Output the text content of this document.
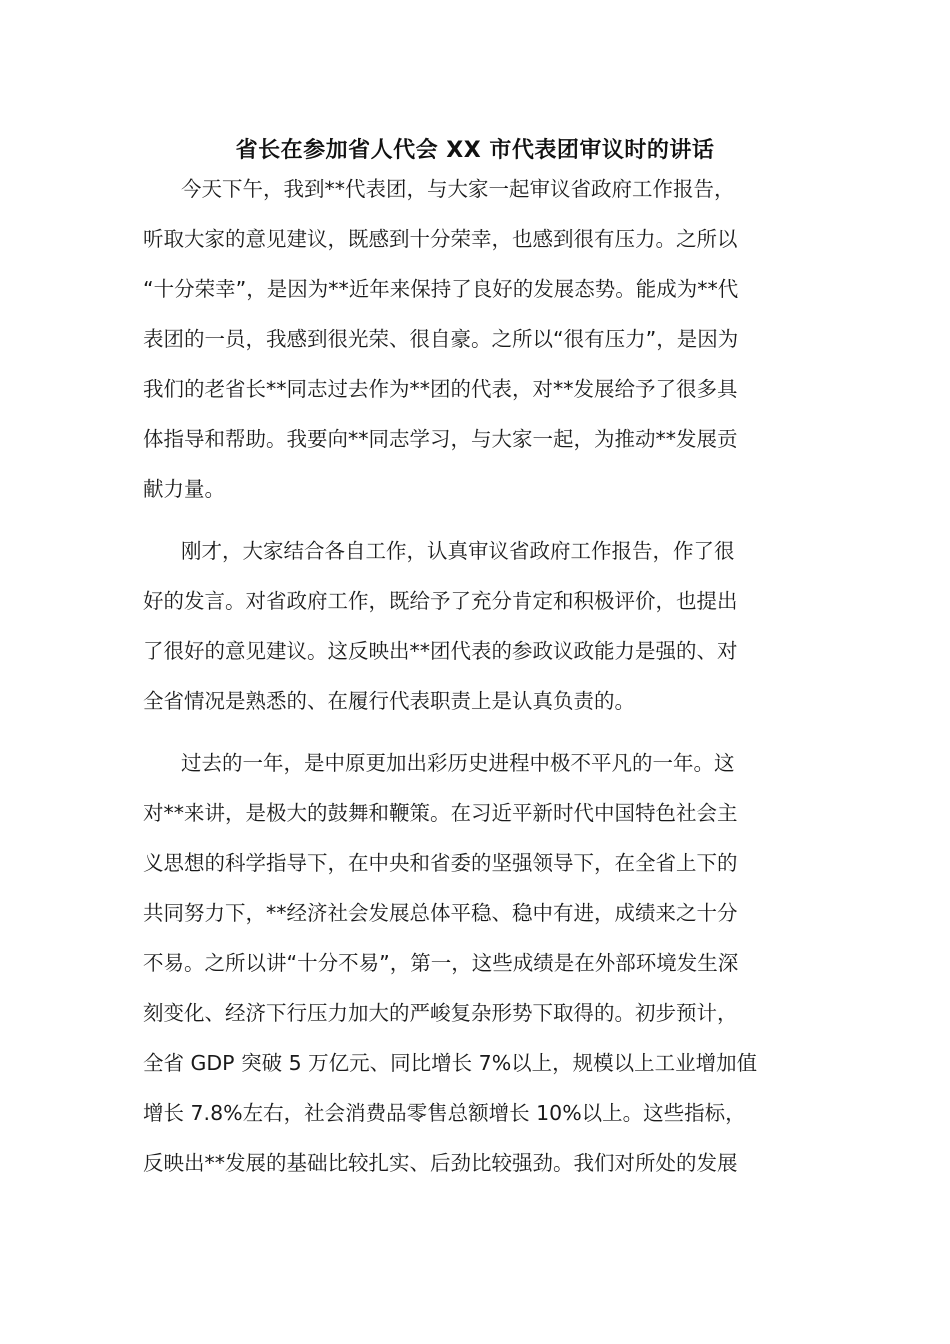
省长在参加省人代会 XX 市代表团审议时的讲话
今天下午，我到**代表团，与大家一起审议省政府工作报告，
听取大家的意见建议，既感到十分荣幸，也感到很有压力。之所以
“十分荣幸”，是因为**近年来保持了良好的发展态势。能成为**代
表团的一员，我感到很光荣、很自豪。之所以“很有压力”，是因为
我们的老省长**同志过去作为**团的代表，对**发展给予了很多具
体指导和帮助。我要向**同志学习，与大家一起，为推动**发展贡
献力量。
刚才，大家结合各自工作，认真审议省政府工作报告，作了很
好的发言。对省政府工作，既给予了充分肯定和积极评价，也提出
了很好的意见建议。这反映出**团代表的参政议政能力是强的、对
全省情况是熟悉的、在履行代表职责上是认真负责的。
过去的一年，是中原更加出彩历史进程中极不平凡的一年。这
对**来讲，是极大的鼓舞和鞭策。在习近平新时代中国特色社会主
义思想的科学指导下，在中央和省委的坚强领导下，在全省上下的
共同努力下，**经济社会发展总体平稳、稳中有进，成绩来之十分
不易。之所以讲“十分不易”，第一，这些成绩是在外部环境发生深
刻变化、经济下行压力加大的严峻复杂形势下取得的。初步预计，
全省 GDP 突破 5 万亿元、同比增长 7%以上，规模以上工业增加值
增长 7.8%左右，社会消费品零售总额增长 10%以上。这些指标，
反映出**发展的基础比较扎实、后劲比较强劲。我们对所处的发展
